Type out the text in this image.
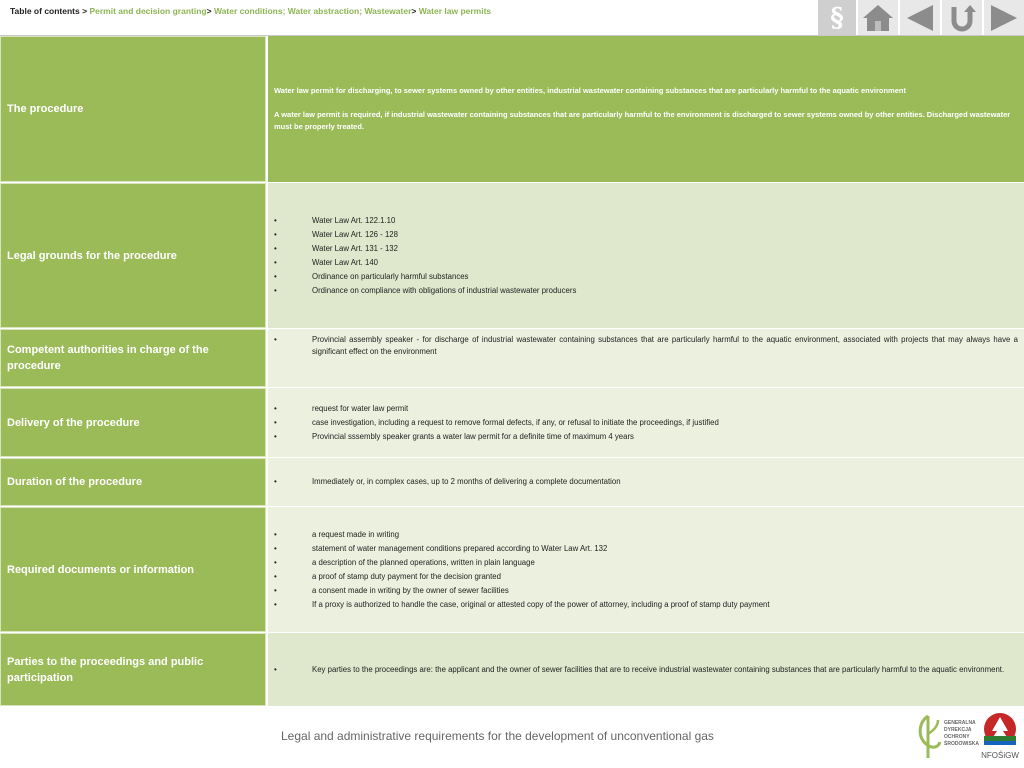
Table of contents > Permit and decision granting> Water conditions; Water abstraction; Wastewater> Water law permits	§
The procedure
Water law permit for discharging, to sewer systems owned by other entities, industrial wastewater containing substances that are particularly harmful to the aquatic environment
A water law permit is required, if industrial wastewater containing substances that are particularly harmful to the environment is discharged to sewer systems owned by other entities. Discharged wastewater must be properly treated.
Legal grounds for the procedure
• Water Law Art. 122.1.10
• Water Law Art. 126 - 128
• Water Law Art. 131 - 132
• Water Law Art. 140
• Ordinance on particularly harmful substances
• Ordinance on compliance with obligations of industrial wastewater producers
Competent authorities in charge of the procedure
• Provincial assembly speaker - for discharge of industrial wastewater containing substances that are particularly harmful to the aquatic environment, associated with projects that may always have a significant effect on the environment
Delivery of the procedure
• request for water law permit
• case investigation, including a request to remove formal defects, if any, or refusal to initiate the proceedings, if justified
• Provincial sssembly speaker grants a water law permit for a definite time of maximum 4 years
Duration of the procedure
•	Immediately or, in complex cases, up to 2 months of delivering a complete documentation
Required documents or information
• a request made in writing
• statement of water management conditions prepared according to Water Law Art. 132
• a description of the planned operations, written in plain language
• a proof of stamp duty payment for the decision granted
• a consent made in writing by the owner of sewer facilities
• If a proxy is authorized to handle the case, original or attested copy of the power of attorney, including a proof of stamp duty payment
Parties to the proceedings and public participation
• Key parties to the proceedings are: the applicant and the owner of sewer facilities that are to receive industrial wastewater containing substances that are particularly harmful to the aquatic environment.
Legal and administrative requirements for the development of unconventional gas
GENERALNA
DYREKCJA
OCHRONY
ŚRODOWISKA
NFOŚiGW
